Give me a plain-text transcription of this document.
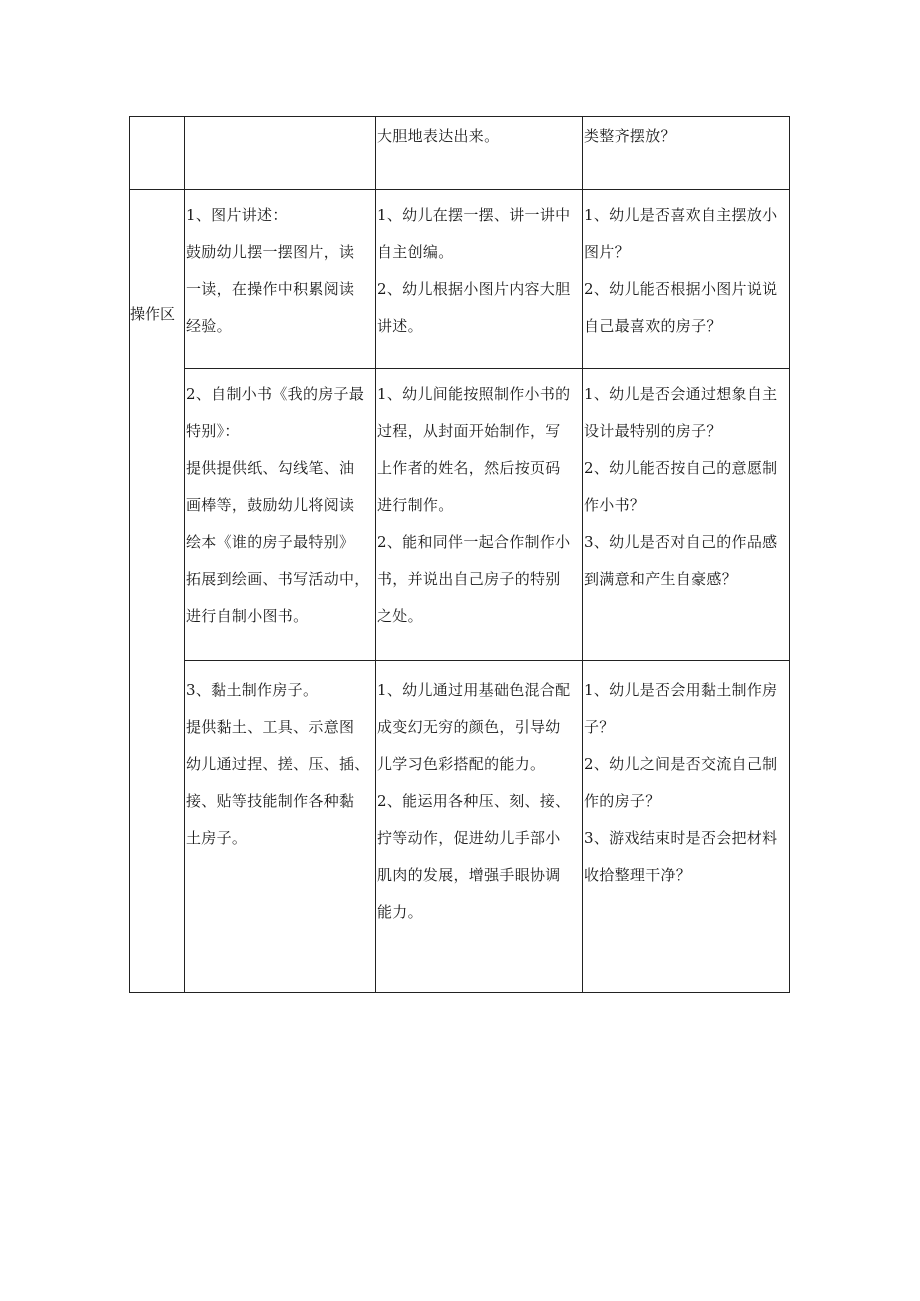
大胆地表达出来。	类整齐摆放？

操作区

1、图片讲述：

鼓励幼儿摆一摆图片，读

一读，在操作中积累阅读

经验。

1、幼儿在摆一摆、讲一讲中

自主创编。

2、幼儿根据小图片内容大胆

讲述。

1、幼儿是否喜欢自主摆放小

图片？

2、幼儿能否根据小图片说说

自己最喜欢的房子？

2、自制小书《我的房子最

特别》：

提供提供纸、勾线笔、油

画棒等，鼓励幼儿将阅读

绘本《谁的房子最特别》

拓展到绘画、书写活动中，

进行自制小图书。

1、幼儿间能按照制作小书的

过程，从封面开始制作，写

上作者的姓名，然后按页码

进行制作。

2、能和同伴一起合作制作小

书，并说出自己房子的特别

之处。

1、幼儿是否会通过想象自主

设计最特别的房子？

2、幼儿能否按自己的意愿制

作小书？

3、幼儿是否对自己的作品感

到满意和产生自豪感？

3、黏土制作房子。

提供黏土、工具、示意图

幼儿通过捏、搓、压、插、

接、贴等技能制作各种黏

土房子。

1、幼儿通过用基础色混合配

成变幻无穷的颜色，引导幼

儿学习色彩搭配的能力。

2、能运用各种压、刻、接、

拧等动作，促进幼儿手部小

肌肉的发展，增强手眼协调

能力。

1、幼儿是否会用黏土制作房

子？

2、幼儿之间是否交流自己制

作的房子？

3、游戏结束时是否会把材料

收拾整理干净？
